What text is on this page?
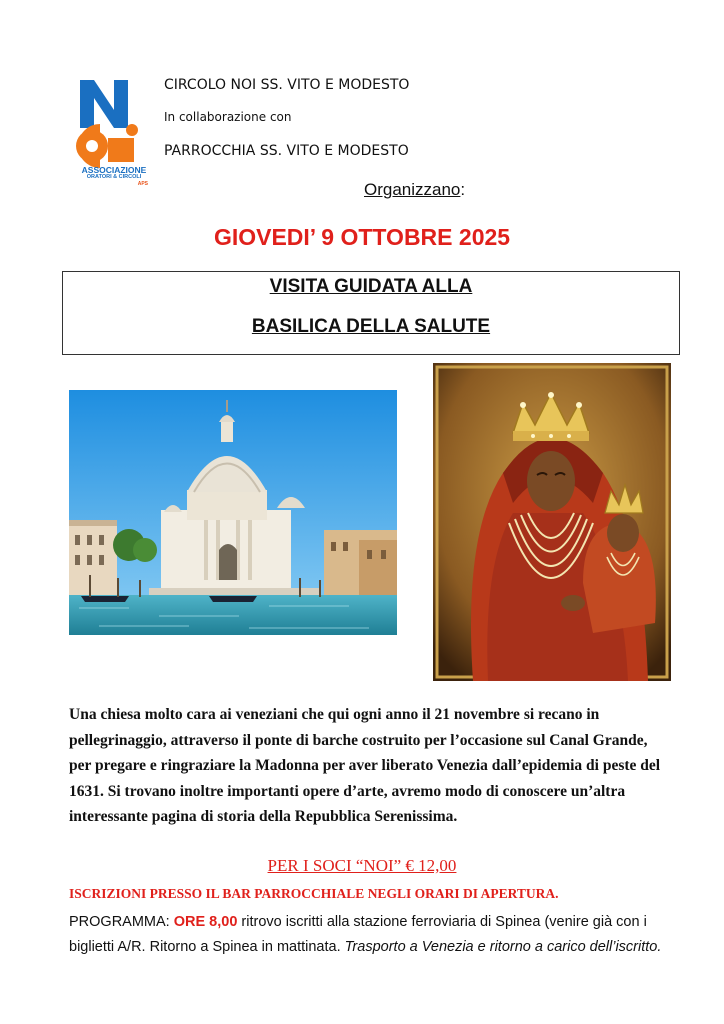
ASSOCIAZIONE
ORATORI & CIRCOLI
APS
CIRCOLO NOI SS. VITO E MODESTO
In collaborazione con
PARROCCHIA SS. VITO E MODESTO
Organizzano:
GIOVEDI’ 9 OTTOBRE 2025
VISITA GUIDATA ALLA
BASILICA DELLA SALUTE
Una chiesa molto cara ai veneziani che qui ogni anno il 21 novembre si recano in pellegrinaggio, attraverso il ponte di barche costruito per l’occasione sul Canal Grande, per pregare e ringraziare la Madonna per aver liberato Venezia dall’epidemia di peste del 1631. Si trovano inoltre importanti opere d’arte, avremo modo di conoscere un’altra interessante pagina di storia della Repubblica Serenissima.
PER I SOCI “NOI” € 12,00
ISCRIZIONI PRESSO IL BAR PARROCCHIALE NEGLI ORARI DI APERTURA.
PROGRAMMA: ORE 8,00 ritrovo iscritti alla stazione ferroviaria di Spinea (venire già con i biglietti A/R. Ritorno a Spinea in mattinata. Trasporto a Venezia e ritorno a carico dell’iscritto.
